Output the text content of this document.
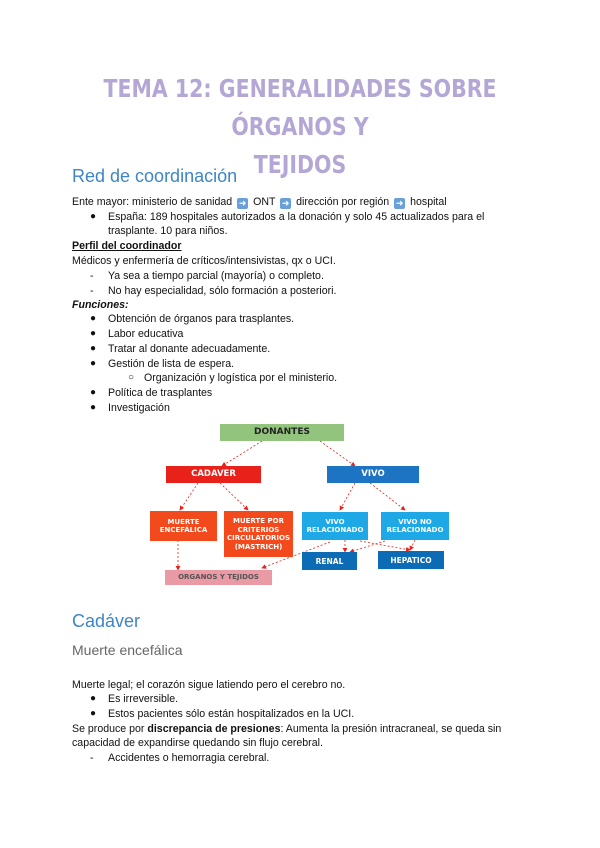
TEMA 12: GENERALIDADES SOBRE ÓRGANOS Y
TEJIDOS
Red de coordinación
Ente mayor: ministerio de sanidad ➜ ONT ➜ dirección por región ➜ hospital
● España: 189 hospitales autorizados a la donación y solo 45 actualizados para el
trasplante. 10 para niños.
Perfil del coordinador
Médicos y enfermería de críticos/intensivistas, qx o UCI.
- Ya sea a tiempo parcial (mayoría) o completo.
- No hay especialidad, sólo formación a posteriori.
Funciones:
● Obtención de órganos para trasplantes.
● Labor educativa
● Tratar al donante adecuadamente.
● Gestión de lista de espera.
○ Organización y logística por el ministerio.
● Política de trasplantes
● Investigación
DONANTES
CADAVER	VIVO
MUERTE
ENCEFÁLICA
MUERTE POR
CRITERIOS
CIRCULATORIOS
(MASTRICH)
VIVO
RELACIONADO
VIVO NO
RELACIONADO
RENAL	HEPATICO
ORGANOS Y TEJIDOS
Cadáver
Muerte encefálica
Muerte legal; el corazón sigue latiendo pero el cerebro no.
● Es irreversible.
● Estos pacientes sólo están hospitalizados en la UCI.
Se produce por discrepancia de presiones: Aumenta la presión intracraneal, se queda sin
capacidad de expandirse quedando sin flujo cerebral.
- Accidentes o hemorragia cerebral.
